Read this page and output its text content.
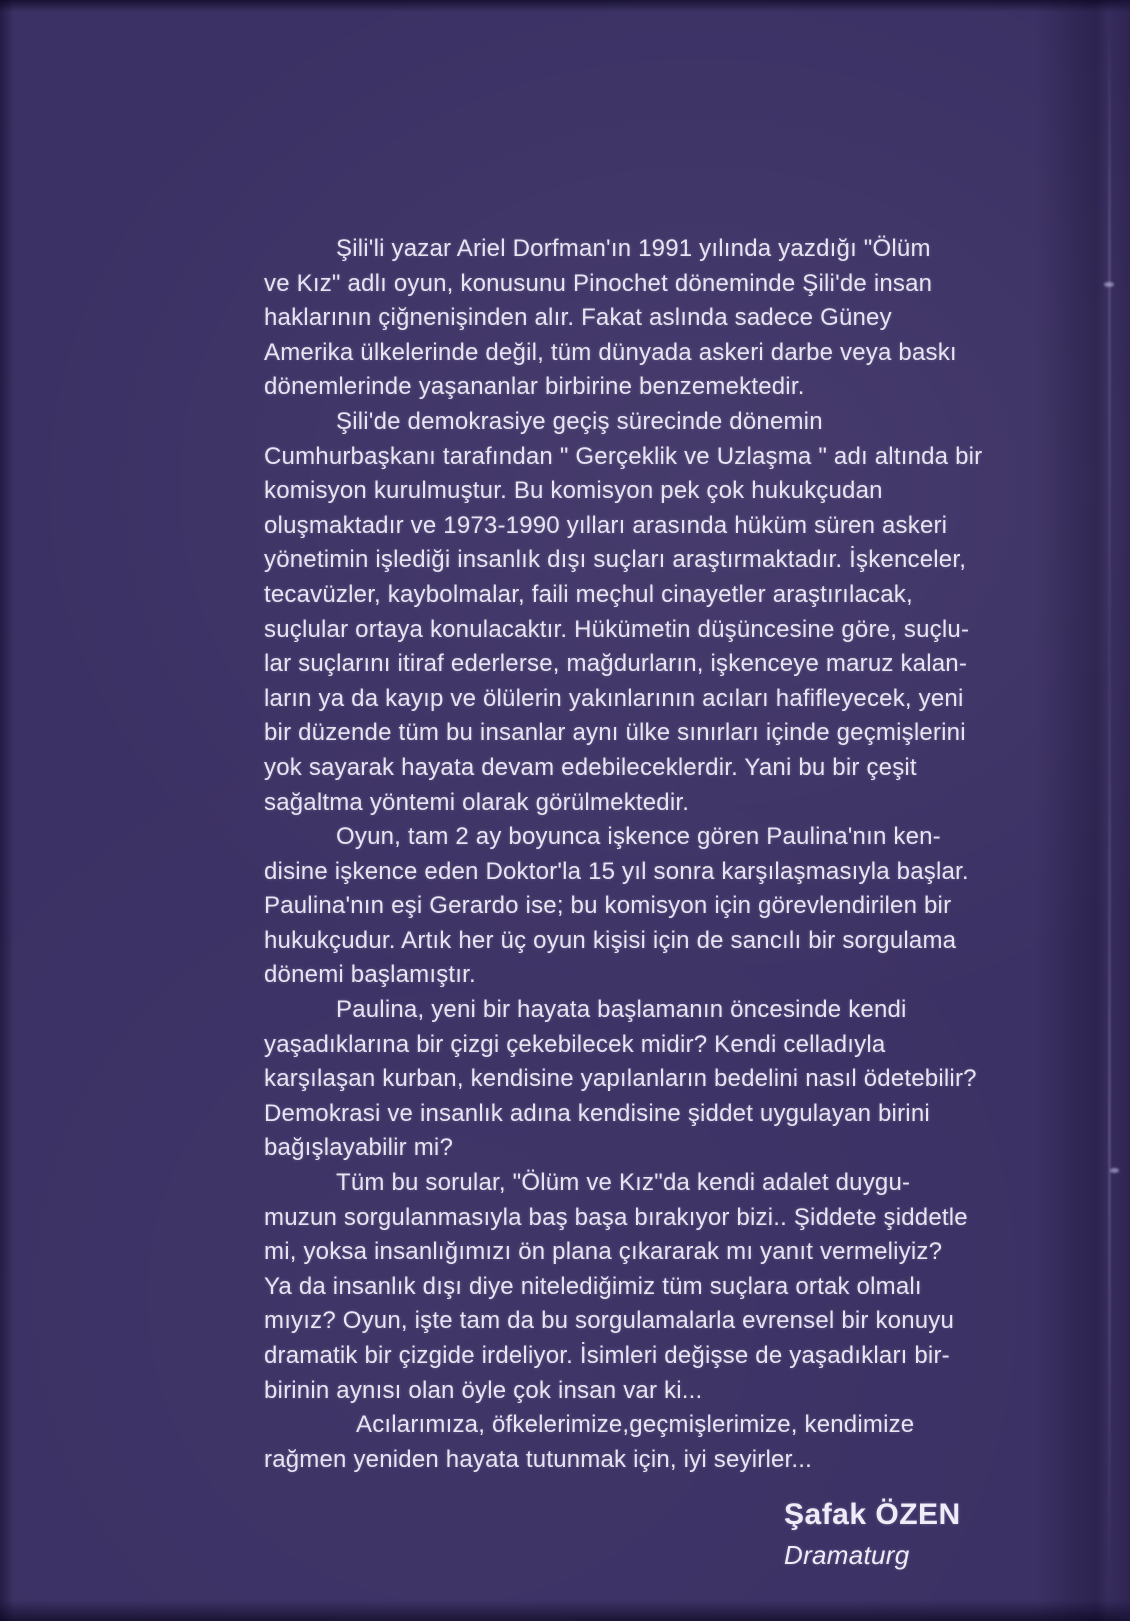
Şili'li yazar Ariel Dorfman'ın 1991 yılında yazdığı "Ölüm
ve Kız" adlı oyun, konusunu Pinochet döneminde Şili'de insan
haklarının çiğnenişinden alır. Fakat aslında sadece Güney
Amerika ülkelerinde değil, tüm dünyada askeri darbe veya baskı
dönemlerinde yaşananlar birbirine benzemektedir.
Şili'de demokrasiye geçiş sürecinde dönemin
Cumhurbaşkanı tarafından " Gerçeklik ve Uzlaşma " adı altında bir
komisyon kurulmuştur. Bu komisyon pek çok hukukçudan
oluşmaktadır ve 1973-1990 yılları arasında hüküm süren askeri
yönetimin işlediği insanlık dışı suçları araştırmaktadır. İşkenceler,
tecavüzler, kaybolmalar, faili meçhul cinayetler araştırılacak,
suçlular ortaya konulacaktır. Hükümetin düşüncesine göre, suçlu-
lar suçlarını itiraf ederlerse, mağdurların, işkenceye maruz kalan-
ların ya da kayıp ve ölülerin yakınlarının acıları hafifleyecek, yeni
bir düzende tüm bu insanlar aynı ülke sınırları içinde geçmişlerini
yok sayarak hayata devam edebileceklerdir. Yani bu bir çeşit
sağaltma yöntemi olarak görülmektedir.
Oyun, tam 2 ay boyunca işkence gören Paulina'nın ken-
disine işkence eden Doktor'la 15 yıl sonra karşılaşmasıyla başlar.
Paulina'nın eşi Gerardo ise; bu komisyon için görevlendirilen bir
hukukçudur. Artık her üç oyun kişisi için de sancılı bir sorgulama
dönemi başlamıştır.
Paulina, yeni bir hayata başlamanın öncesinde kendi
yaşadıklarına bir çizgi çekebilecek midir? Kendi celladıyla
karşılaşan kurban, kendisine yapılanların bedelini nasıl ödetebilir?
Demokrasi ve insanlık adına kendisine şiddet uygulayan birini
bağışlayabilir mi?
Tüm bu sorular, "Ölüm ve Kız"da kendi adalet duygu-
muzun sorgulanmasıyla baş başa bırakıyor bizi.. Şiddete şiddetle
mi, yoksa insanlığımızı ön plana çıkararak mı yanıt vermeliyiz?
Ya da insanlık dışı diye nitelediğimiz tüm suçlara ortak olmalı
mıyız? Oyun, işte tam da bu sorgulamalarla evrensel bir konuyu
dramatik bir çizgide irdeliyor. İsimleri değişse de yaşadıkları bir-
birinin aynısı olan öyle çok insan var ki...
Acılarımıza, öfkelerimize,geçmişlerimize, kendimize
rağmen yeniden hayata tutunmak için, iyi seyirler...
Şafak ÖZEN
Dramaturg
